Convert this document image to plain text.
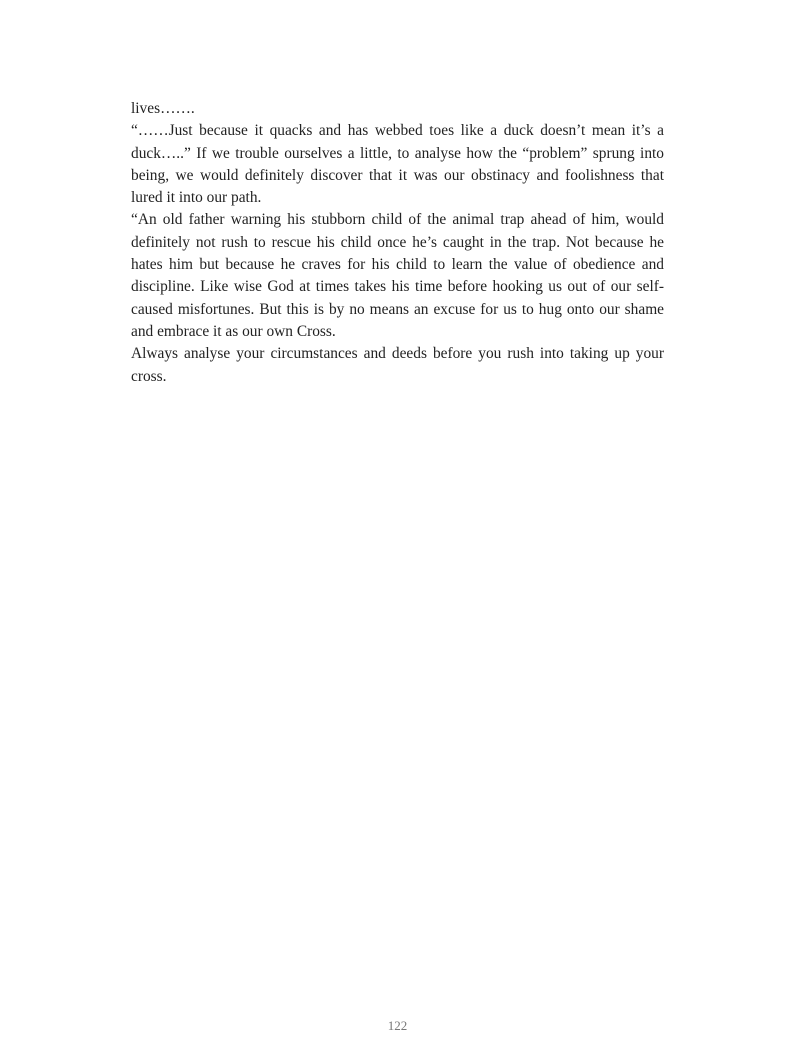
lives…….

“……Just because it quacks and has webbed toes like a duck doesn’t mean it’s a duck…..” If we trouble ourselves a little, to analyse how the “problem” sprung into being, we would definitely discover that it was our obstinacy and foolishness that lured it into our path.

“An old father warning his stubborn child of the animal trap ahead of him, would definitely not rush to rescue his child once he’s caught in the trap. Not because he hates him but because he craves for his child to learn the value of obedience and discipline. Like wise God at times takes his time before hooking us out of our self-caused misfortunes. But this is by no means an excuse for us to hug onto our shame and embrace it as our own Cross.

Always analyse your circumstances and deeds before you rush into taking up your cross.

122
